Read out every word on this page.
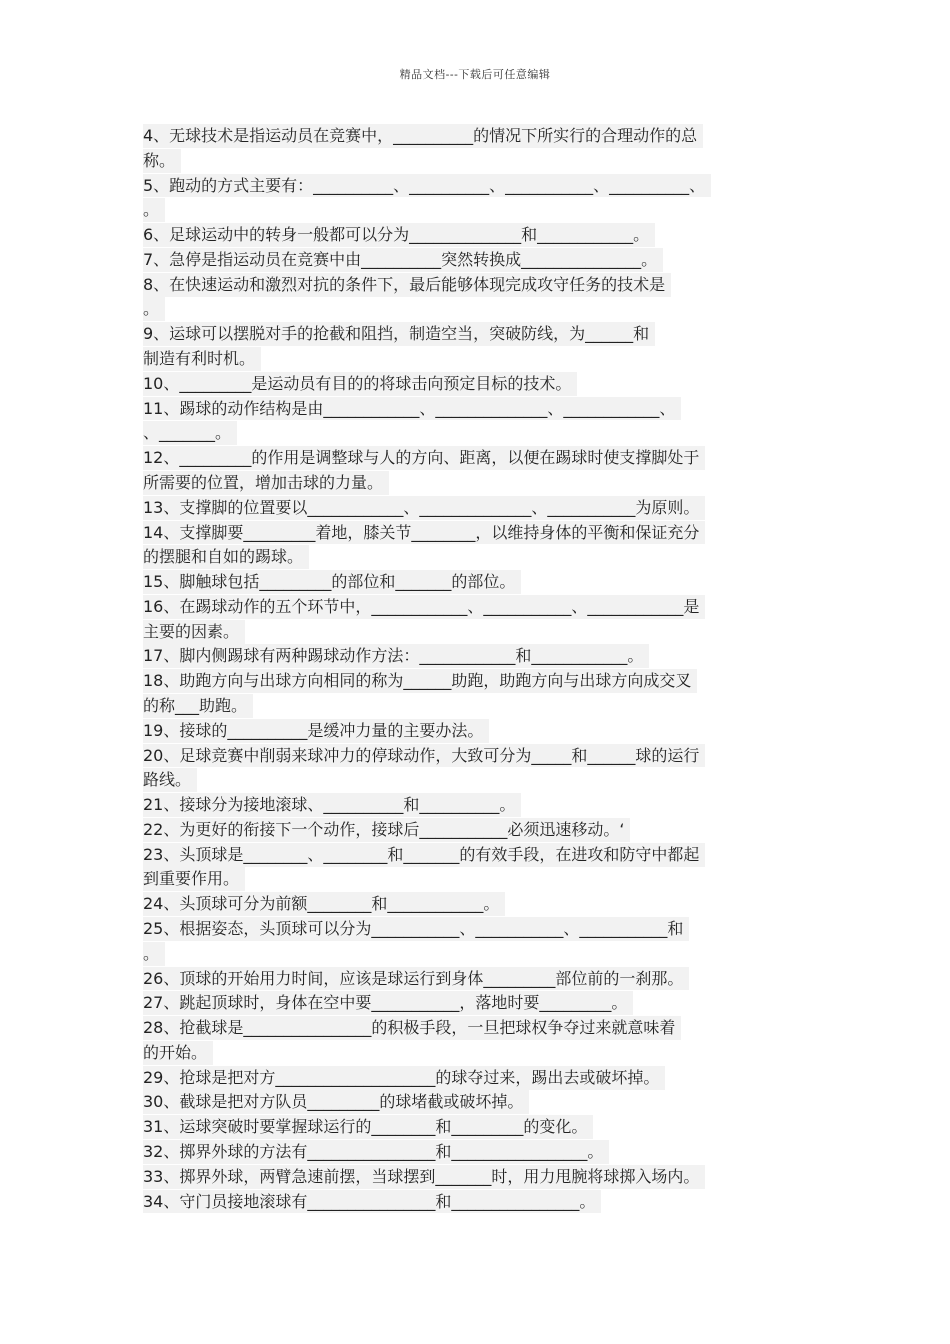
精品文档---下载后可任意编辑
4、无球技术是指运动员在竞赛中，__________的情况下所实行的合理动作的总
称。
5、跑动的方式主要有：__________、__________、___________、__________、
。
6、足球运动中的转身一般都可以分为______________和____________。
7、急停是指运动员在竞赛中由__________突然转换成_______________。
8、在快速运动和激烈对抗的条件下，最后能够体现完成攻守任务的技术是
。
9、运球可以摆脱对手的抢截和阻挡，制造空当，突破防线，为______和
制造有利时机。
10、_________是运动员有目的的将球击向预定目标的技术。
11、踢球的动作结构是由____________、______________、____________、
、_______。
12、_________的作用是调整球与人的方向、距离，以便在踢球时使支撑脚处于
所需要的位置，增加击球的力量。
13、支撑脚的位置要以____________、______________、___________为原则。
14、支撑脚要_________着地，膝关节________，以维持身体的平衡和保证充分
的摆腿和自如的踢球。
15、脚触球包括_________的部位和_______的部位。
16、在踢球动作的五个环节中，____________、___________、____________是
主要的因素。
17、脚内侧踢球有两种踢球动作方法：____________和____________。
18、助跑方向与出球方向相同的称为______助跑，助跑方向与出球方向成交叉
的称___助跑。
19、接球的__________是缓冲力量的主要办法。
20、足球竞赛中削弱来球冲力的停球动作，大致可分为_____和______球的运行
路线。
21、接球分为接地滚球、__________和__________。
22、为更好的衔接下一个动作，接球后___________必须迅速移动。‘
23、头顶球是________、________和_______的有效手段，在进攻和防守中都起
到重要作用。
24、头顶球可分为前额________和____________。
25、根据姿态，头顶球可以分为___________、___________、___________和
。
26、顶球的开始用力时间，应该是球运行到身体_________部位前的一刹那。
27、跳起顶球时，身体在空中要___________，落地时要_________。
28、抢截球是________________的积极手段，一旦把球权争夺过来就意味着
的开始。
29、抢球是把对方____________________的球夺过来，踢出去或破坏掉。
30、截球是把对方队员_________的球堵截或破坏掉。
31、运球突破时要掌握球运行的________和_________的变化。
32、掷界外球的方法有________________和_________________。
33、掷界外球，两臂急速前摆，当球摆到_______时，用力甩腕将球掷入场内。
34、守门员接地滚球有________________和________________。
